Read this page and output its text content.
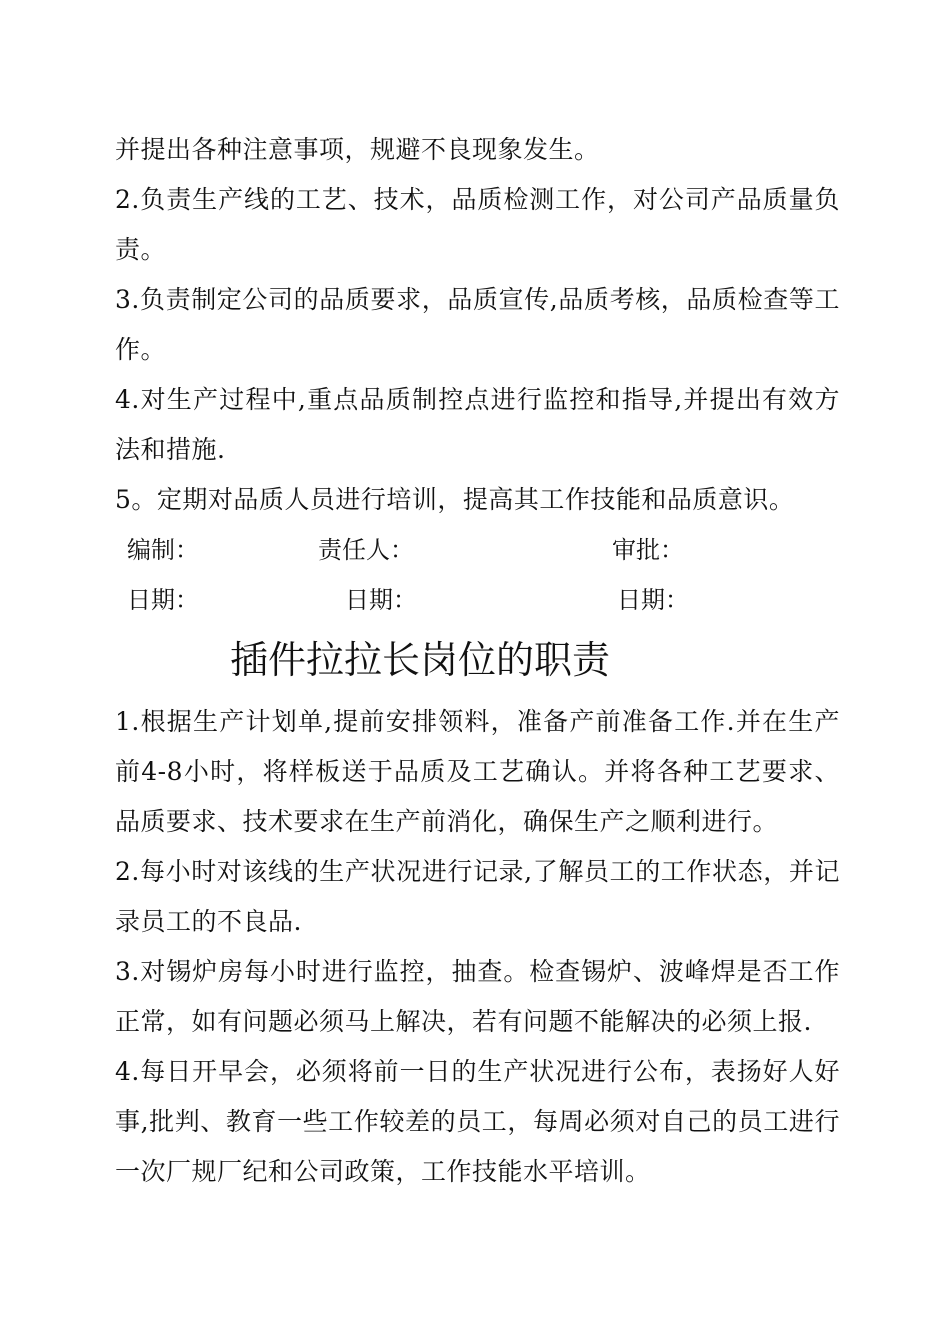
并提出各种注意事项，规避不良现象发生。

2.负责生产线的工艺、技术，品质检测工作，对公司产品质量负责。

3.负责制定公司的品质要求，品质宣传,品质考核，品质检查等工作。

4.对生产过程中,重点品质制控点进行监控和指导,并提出有效方法和措施.

5。定期对品质人员进行培训，提高其工作技能和品质意识。

编制：	责任人：	审批：
日期：	日期：	日期：
插件拉拉长岗位的职责

1.根据生产计划单,提前安排领料，准备产前准备工作.并在生产前4-8小时，将样板送于品质及工艺确认。并将各种工艺要求、品质要求、技术要求在生产前消化，确保生产之顺利进行。

2.每小时对该线的生产状况进行记录,了解员工的工作状态，并记录员工的不良品.

3.对锡炉房每小时进行监控，抽查。检查锡炉、波峰焊是否工作正常，如有问题必须马上解决，若有问题不能解决的必须上报.

4.每日开早会，必须将前一日的生产状况进行公布，表扬好人好事,批判、教育一些工作较差的员工，每周必须对自己的员工进行一次厂规厂纪和公司政策，工作技能水平培训。
